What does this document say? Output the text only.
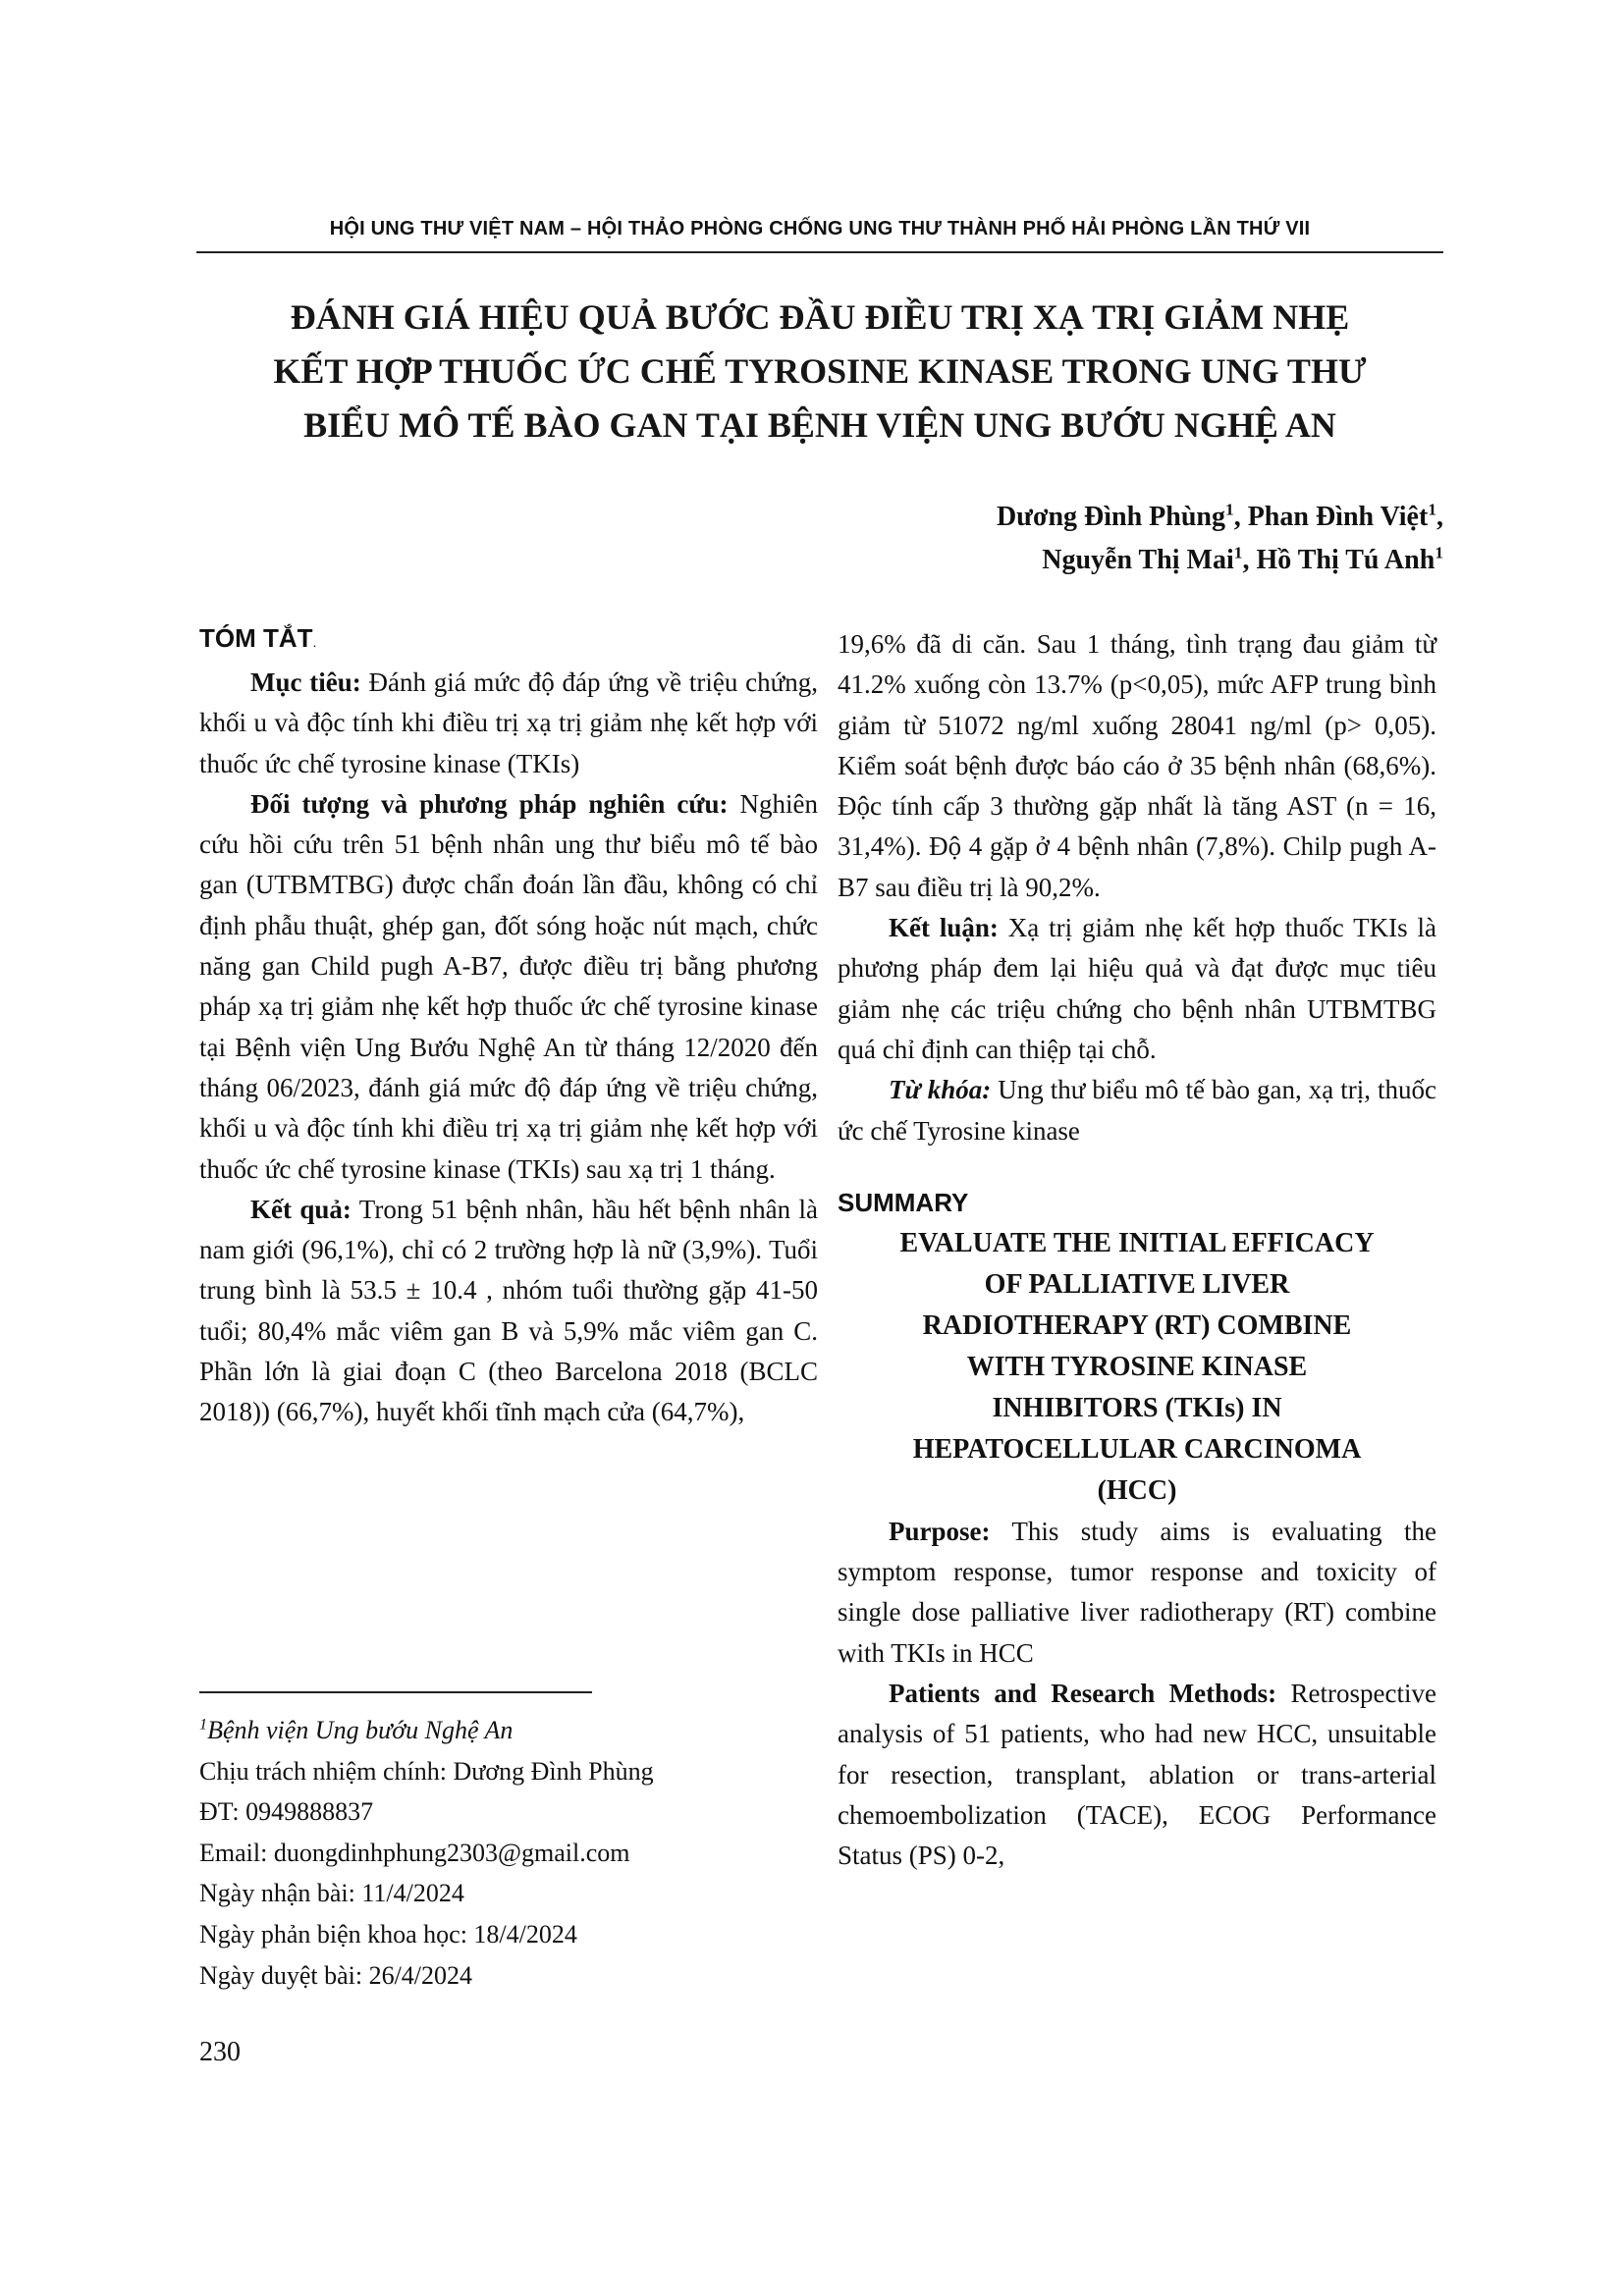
HỘI UNG THƯ VIỆT NAM – HỘI THẢO PHÒNG CHỐNG UNG THƯ THÀNH PHỐ HẢI PHÒNG LẦN THỨ VII
ĐÁNH GIÁ HIỆU QUẢ BƯỚC ĐẦU ĐIỀU TRỊ XẠ TRỊ GIẢM NHẸ
KẾT HỢP THUỐC ỨC CHẾ TYROSINE KINASE TRONG UNG THƯ
BIỂU MÔ TẾ BÀO GAN TẠI BỆNH VIỆN UNG BƯỚU NGHỆ AN
Dương Đình Phùng$^1$, Phan Đình Việt$^1$,
Nguyễn Thị Mai$^1$, Hồ Thị Tú Anh$^1$
TÓM TẮT.

Mục tiêu: Đánh giá mức độ đáp ứng về triệu chứng, khối u và độc tính khi điều trị xạ trị giảm nhẹ kết hợp với thuốc ức chế tyrosine kinase (TKIs)

Đối tượng và phương pháp nghiên cứu: Nghiên cứu hồi cứu trên 51 bệnh nhân ung thư biểu mô tế bào gan (UTBMTBG) được chẩn đoán lần đầu, không có chỉ định phẫu thuật, ghép gan, đốt sóng hoặc nút mạch, chức năng gan Child pugh A-B7, được điều trị bằng phương pháp xạ trị giảm nhẹ kết hợp thuốc ức chế tyrosine kinase tại Bệnh viện Ung Bướu Nghệ An từ tháng 12/2020 đến tháng 06/2023, đánh giá mức độ đáp ứng về triệu chứng, khối u và độc tính khi điều trị xạ trị giảm nhẹ kết hợp với thuốc ức chế tyrosine kinase (TKIs) sau xạ trị 1 tháng.

Kết quả: Trong 51 bệnh nhân, hầu hết bệnh nhân là nam giới (96,1%), chỉ có 2 trường hợp là nữ (3,9%). Tuổi trung bình là 53.5 ± 10.4 , nhóm tuổi thường gặp 41-50 tuổi; 80,4% mắc viêm gan B và 5,9% mắc viêm gan C. Phần lớn là giai đoạn C (theo Barcelona 2018 (BCLC 2018)) (66,7%), huyết khối tĩnh mạch cửa (64,7%),

19,6% đã di căn. Sau 1 tháng, tình trạng đau giảm từ 41.2% xuống còn 13.7% (p<0,05), mức AFP trung bình giảm từ 51072 ng/ml xuống 28041 ng/ml (p> 0,05). Kiểm soát bệnh được báo cáo ở 35 bệnh nhân (68,6%). Độc tính cấp 3 thường gặp nhất là tăng AST (n = 16, 31,4%). Độ 4 gặp ở 4 bệnh nhân (7,8%). Chilp pugh A-B7 sau điều trị là 90,2%.

Kết luận: Xạ trị giảm nhẹ kết hợp thuốc TKIs là phương pháp đem lại hiệu quả và đạt được mục tiêu giảm nhẹ các triệu chứng cho bệnh nhân UTBMTBG quá chỉ định can thiệp tại chỗ.

Từ khóa: Ung thư biểu mô tế bào gan, xạ trị, thuốc ức chế Tyrosine kinase

SUMMARY

EVALUATE THE INITIAL EFFICACY

OF PALLIATIVE LIVER

RADIOTHERAPY (RT) COMBINE

WITH TYROSINE KINASE

INHIBITORS (TKIs) IN

HEPATOCELLULAR CARCINOMA

(HCC)

Purpose: This study aims is evaluating the symptom response, tumor response and toxicity of single dose palliative liver radiotherapy (RT) combine with TKIs in HCC

Patients and Research Methods: Retrospective analysis of 51 patients, who had new HCC, unsuitable for resection, transplant, ablation or trans-arterial chemoembolization (TACE), ECOG Performance Status (PS) 0-2,

$^1$Bệnh viện Ung bướu Nghệ An
Chịu trách nhiệm chính: Dương Đình Phùng
ĐT: 0949888837
Email: duongdinhphung2303@gmail.com
Ngày nhận bài: 11/4/2024
Ngày phản biện khoa học: 18/4/2024
Ngày duyệt bài: 26/4/2024
230
